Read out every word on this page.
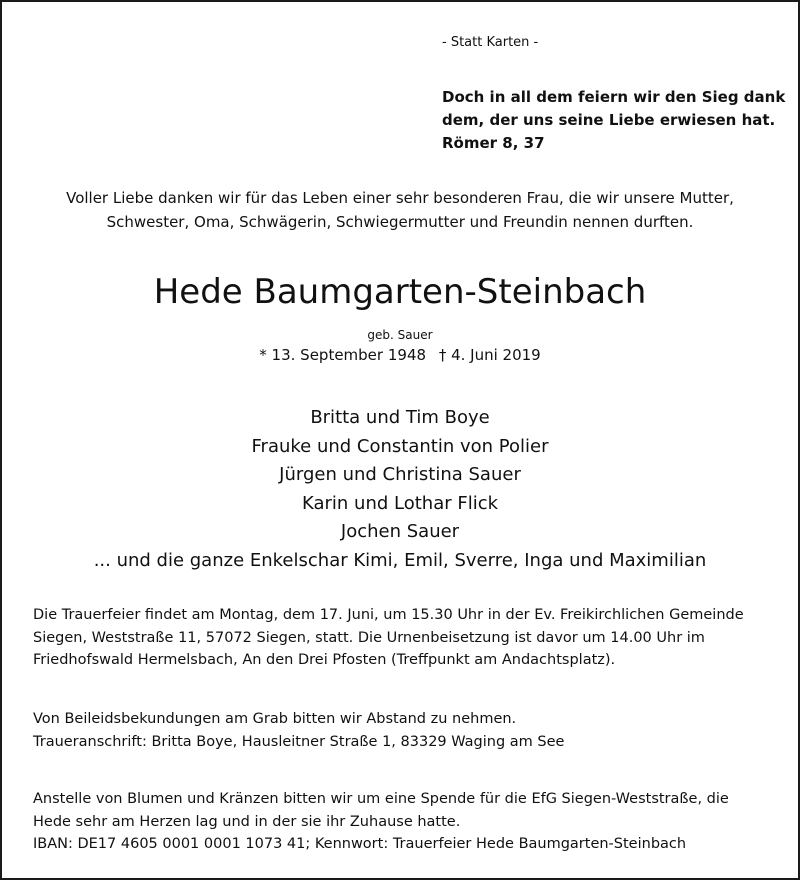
- Statt Karten -
Doch in all dem feiern wir den Sieg dank
dem, der uns seine Liebe erwiesen hat.
Römer 8, 37
Voller Liebe danken wir für das Leben einer sehr besonderen Frau, die wir unsere Mutter,
Schwester, Oma, Schwägerin, Schwiegermutter und Freundin nennen durften.
Hede Baumgarten-Steinbach
geb. Sauer
* 13. September 1948 † 4. Juni 2019
Britta und Tim Boye
Frauke und Constantin von Polier
Jürgen und Christina Sauer
Karin und Lothar Flick
Jochen Sauer
... und die ganze Enkelschar Kimi, Emil, Sverre, Inga und Maximilian
Die Trauerfeier findet am Montag, dem 17. Juni, um 15.30 Uhr in der Ev. Freikirchlichen Gemeinde
Siegen, Weststraße 11, 57072 Siegen, statt. Die Urnenbeisetzung ist davor um 14.00 Uhr im
Friedhofswald Hermelsbach, An den Drei Pfosten (Treffpunkt am Andachtsplatz).
Von Beileidsbekundungen am Grab bitten wir Abstand zu nehmen.
Traueranschrift: Britta Boye, Hausleitner Straße 1, 83329 Waging am See
Anstelle von Blumen und Kränzen bitten wir um eine Spende für die EfG Siegen-Weststraße, die
Hede sehr am Herzen lag und in der sie ihr Zuhause hatte.
IBAN: DE17 4605 0001 0001 1073 41; Kennwort: Trauerfeier Hede Baumgarten-Steinbach
